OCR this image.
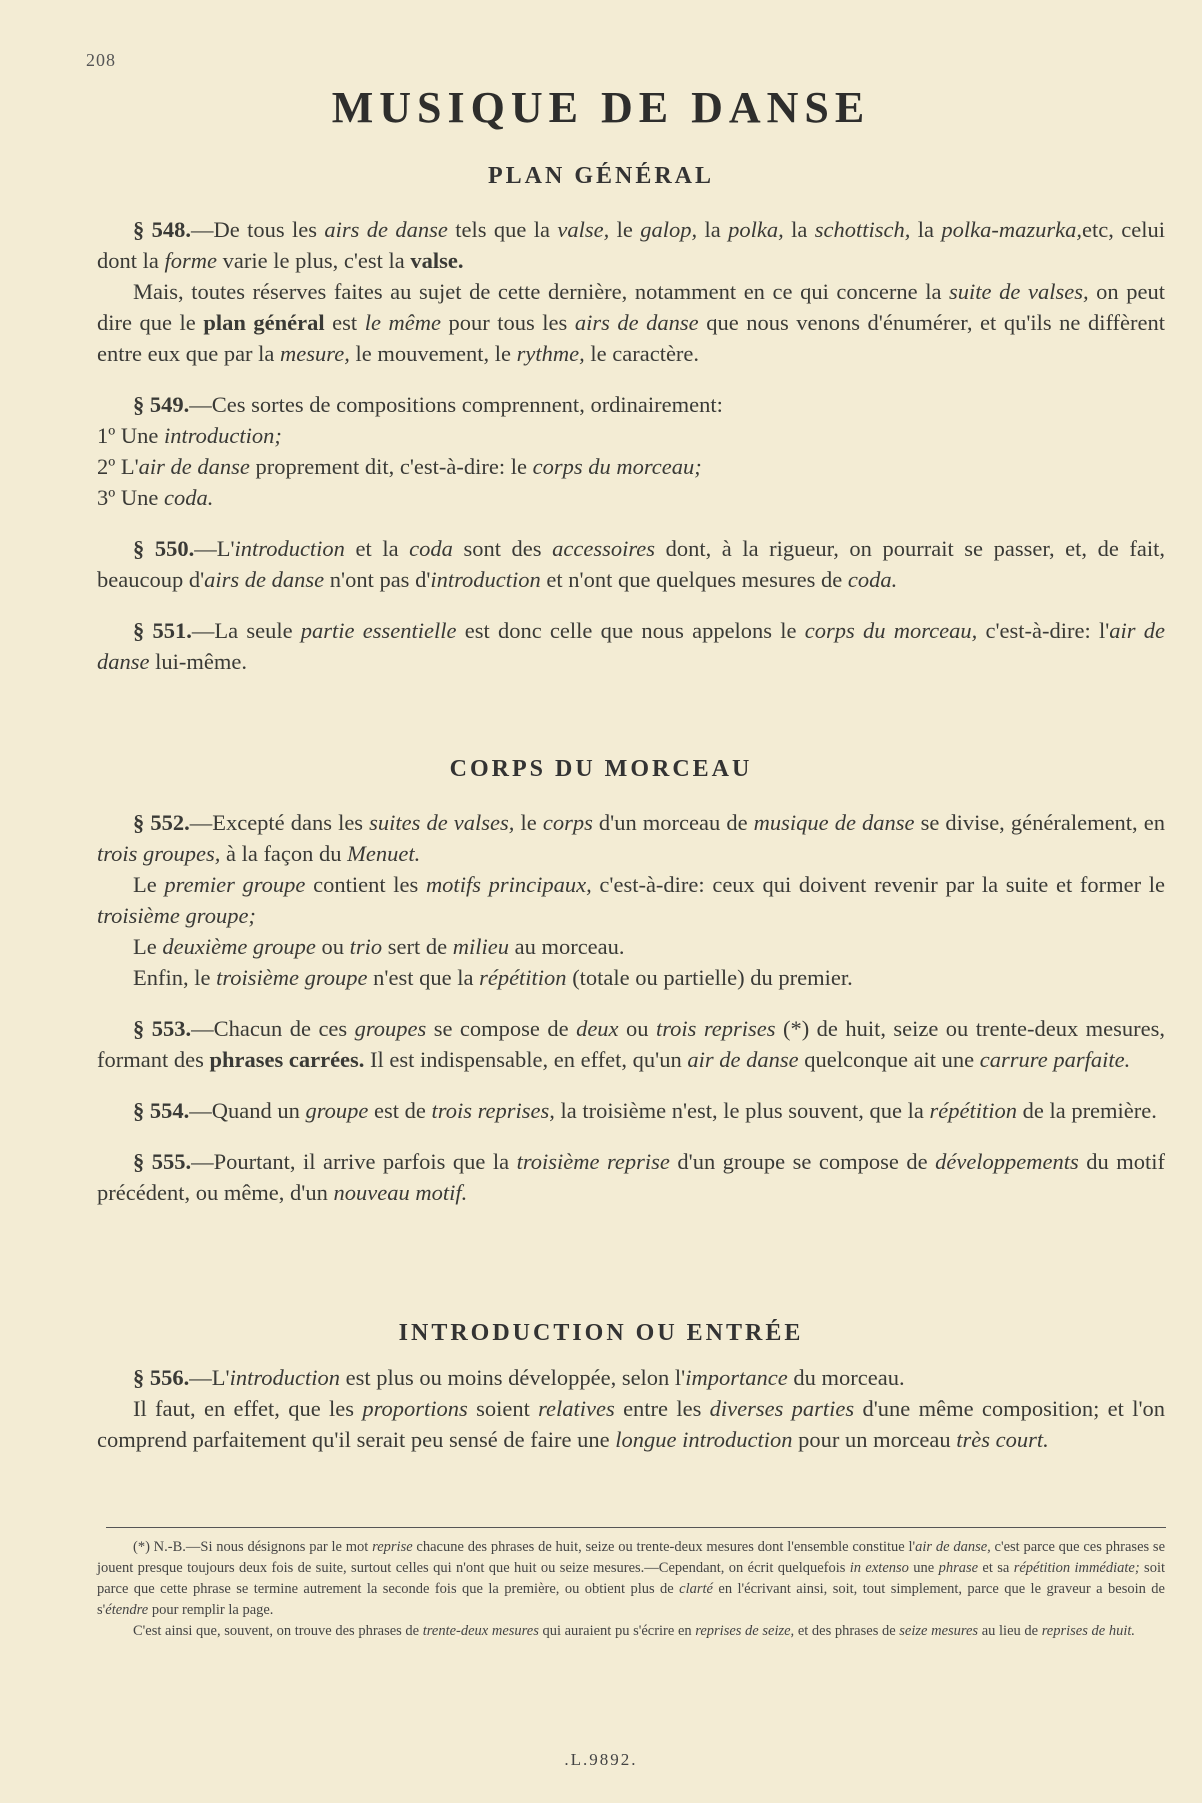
208
MUSIQUE DE DANSE
PLAN GÉNÉRAL

§ 548.—De tous les airs de danse tels que la valse, le galop, la polka, la schottisch, la polka-mazurka,etc, celui dont la forme varie le plus, c'est la valse.

Mais, toutes réserves faites au sujet de cette dernière, notamment en ce qui concerne la suite de valses, on peut dire que le plan général est le même pour tous les airs de danse que nous venons d'énumérer, et qu'ils ne diffèrent entre eux que par la mesure, le mouvement, le rythme, le caractère.

§ 549.—Ces sortes de compositions comprennent, ordinairement:

1º Une introduction;

2º L'air de danse proprement dit, c'est-à-dire: le corps du morceau;

3º Une coda.

§ 550.—L'introduction et la coda sont des accessoires dont, à la rigueur, on pourrait se passer, et, de fait, beaucoup d'airs de danse n'ont pas d'introduction et n'ont que quelques mesures de coda.

§ 551.—La seule partie essentielle est donc celle que nous appelons le corps du morceau, c'est-à-dire: l'air de danse lui-même.

CORPS DU MORCEAU

§ 552.—Excepté dans les suites de valses, le corps d'un morceau de musique de danse se divise, généralement, en trois groupes, à la façon du Menuet.

Le premier groupe contient les motifs principaux, c'est-à-dire: ceux qui doivent revenir par la suite et former le troisième groupe;

Le deuxième groupe ou trio sert de milieu au morceau.

Enfin, le troisième groupe n'est que la répétition (totale ou partielle) du premier.

§ 553.—Chacun de ces groupes se compose de deux ou trois reprises (*) de huit, seize ou trente-deux mesures, formant des phrases carrées. Il est indispensable, en effet, qu'un air de danse quelconque ait une carrure parfaite.

§ 554.—Quand un groupe est de trois reprises, la troisième n'est, le plus souvent, que la répétition de la première.

§ 555.—Pourtant, il arrive parfois que la troisième reprise d'un groupe se compose de développements du motif précédent, ou même, d'un nouveau motif.

INTRODUCTION OU ENTRÉE

§ 556.—L'introduction est plus ou moins développée, selon l'importance du morceau.

Il faut, en effet, que les proportions soient relatives entre les diverses parties d'une même composition; et l'on comprend parfaitement qu'il serait peu sensé de faire une longue introduction pour un morceau très court.

(*) N.-B.—Si nous désignons par le mot reprise chacune des phrases de huit, seize ou trente-deux mesures dont l'ensemble constitue l'air de danse, c'est parce que ces phrases se jouent presque toujours deux fois de suite, surtout celles qui n'ont que huit ou seize mesures.—Cependant, on écrit quelquefois in extenso une phrase et sa répétition immédiate; soit parce que cette phrase se termine autrement la seconde fois que la première, ou obtient plus de clarté en l'écrivant ainsi, soit, tout simplement, parce que le graveur a besoin de s'étendre pour remplir la page.

C'est ainsi que, souvent, on trouve des phrases de trente-deux mesures qui auraient pu s'écrire en reprises de seize, et des phrases de seize mesures au lieu de reprises de huit.

.L.9892.
